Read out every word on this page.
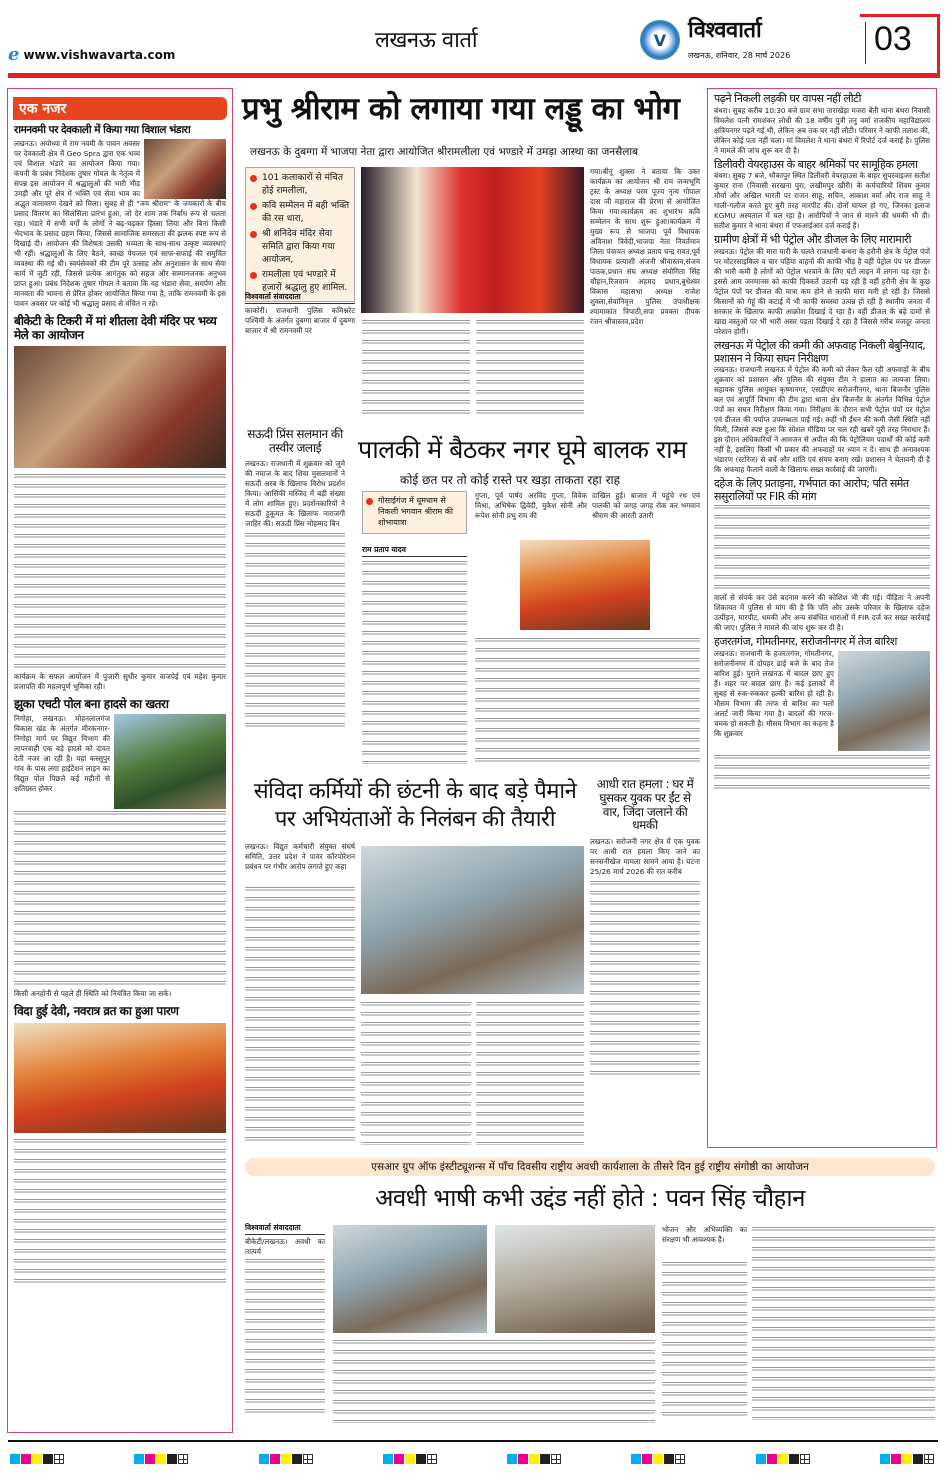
e www.vishwavarta.com
लखनऊ वार्ता	V विश्ववार्ता
लखनऊ, शनिवार, 28 मार्च 2026	03
एक नजर
रामनवमी पर देवकाली में किया गया विशाल भंडारा
लखनऊ। अयोध्या में राम नवमी के पावन अवसर पर देवकाली क्षेत्र में Geo Spra द्वारा एक भव्य एवं विशाल भंडारे का आयोजन किया गया। कंपनी के प्रबंध निदेशक तुषार गोयल के नेतृत्व में संपन्न इस आयोजन में श्रद्धालुओं की भारी भीड़ उमड़ी और पूरे क्षेत्र में भक्ति एवं सेवा भाव का अद्भुत वातावरण देखने को मिला। सुबह से ही "जय श्रीराम" के जयकारों के बीच प्रसाद वितरण का सिलसिला प्रारंभ हुआ, जो देर शाम तक निर्बाध रूप से चलता रहा। भंडारे में सभी वर्गों के लोगों ने बढ़-चढ़कर हिस्सा लिया और बिना किसी भेदभाव के प्रसाद ग्रहण किया, जिससे सामाजिक समरसता की झलक स्पष्ट रूप से दिखाई दी। आयोजन की विशेषता उसकी भव्यता के साथ-साथ उत्कृष्ट व्यवस्थाएं भी रहीं। श्रद्धालुओं के लिए बैठने, स्वच्छ पेयजल एवं साफ-सफाई की समुचित व्यवस्था की गई थी। स्वयंसेवकों की टीम पूरे उत्साह और अनुशासन के साथ सेवा कार्य में जुटी रही, जिससे प्रत्येक आगंतुक को सहज और सम्मानजनक अनुभव प्राप्त हुआ। प्रबंध निदेशक तुषार गोयल ने बताया कि यह भंडारा सेवा, समर्पण और मानवता की भावना से प्रेरित होकर आयोजित किया गया है, ताकि रामनवमी के इस पावन अवसर पर कोई भी श्रद्धालु प्रसाद से वंचित न रहे।
बीकेटी के टिकरी में मां शीतला देवी मंदिर पर भव्य मेले का आयोजन
कार्यक्रम के सफल आयोजन में पुजारी सुधीर कुमार वाजपेई एवं महेश कुमार प्रजापति की महत्वपूर्ण भूमिका रही।
झुका एचटी पोल बना हादसे का खतरा
निगोहा, लखनऊ। मोहनलालगंज विकास खंड के अंतर्गत मीरकनगर-निगोहा मार्ग पर विद्युत विभाग की लापरवाही एक बड़े हादसे को दावत देती नजर आ रही है। यहां कस्सूपुर गांव के पास लगा हाईटेंशन लाइन का विद्युत पोल पिछले कई महीनों से क्षतिग्रस्त होकर
किसी अनहोनी से पहले ही स्थिति को नियंत्रित किया जा सके।
विदा हुई देवी, नवरात्र व्रत का हुआ पारण
प्रभु श्रीराम को लगाया गया लड्डू का भोग
लखनऊ के दुबग्गा में भाजपा नेता द्वारा आयोजित श्रीरामलीला एवं भण्डारे में उमड़ा आस्था का जनसैलाब
101 कलाकारों से मंचित होई रामलीला,
कवि सम्मेलन में बही भक्ति की रस धारा,
श्री शनिदेव मंदिर सेवा समिति द्वारा किया गया आयोजन,
रामलीला एवं भण्डारे में हजारों श्रद्धालु हुए शामिल.
गया।बीनू शुक्ला ने बताया कि उक्त कार्यक्रम का आयोजन श्री राम जन्मभूमि ट्रस्ट के अध्यक्ष परम पूज्य नृत्य गोपाल दास जी महाराज की प्रेरणा से आयोजित किया गया।कार्यक्रम का शुभारंभ कवि सम्मेलन के साथ शुरू हुआ।कार्यक्रम में मुख्य रूप से भाजपा पूर्व विधायक अविनाश त्रिवेदी,भाजपा नेता निवर्तमान जिला पंचायत अध्यक्ष प्रताप चन्द्र रावत,पूर्व विधायक प्रत्याशी अंजनी श्रीवास्तव,संजय पाठक,प्रधान संघ अध्यक्ष संयोगिता सिंह चौहान,रिजवान अहमद प्रधान,बुधेश्वर विकास महासभा अध्यक्ष राजेश शुक्ला,सेवानिवृत्त पुलिस उपाधीक्षक श्यामाकांत त्रिपाठी,सपा प्रवक्ता दीपक रंजन श्रीवास्तव,प्रदेश
विश्ववार्ता संवाददाता
काकोरी। राजधानी पुलिस कमिश्नरेट पश्चिमी के अंतर्गत दुबग्गा बाजार में दुबग्गा बाजार में श्री रामनवमी पर
सऊदी प्रिंस सलमान की तस्वीर जलाई
लखनऊ। राजधानी में शुक्रवार को जुमे की नमाज के बाद शिया मुसलमानों ने सऊदी अरब के खिलाफ विरोध प्रदर्शन किया। आसिफी मस्जिद में बड़ी संख्या में लोग शामिल हुए। प्रदर्शनकारियों ने सऊदी हुकूमत के खिलाफ नाराजगी जाहिर की। सऊदी प्रिंस मोहम्मद बिन
पालकी में बैठकर नगर घूमे बालक राम
कोई छत पर तो कोई रास्ते पर खड़ा ताकता रहा राह
गोसाईगंज में धूमधाम से निकली भगवान श्रीराम की शोभायात्रा
राम प्रताप यादव
गुप्ता, पूर्व पार्षद अरविंद गुप्ता, विवेक मिश्रा, अभिषेक द्विवेदी, मुकेश सोनी और रूपेश सोनी प्रभु राम की
दाखिल हुई। बाजार में पहुंचे रथ एवं पालकी को जगह जगह रोक कर भगवान श्रीराम की आरती उतारी
संविदा कर्मियों की छंटनी के बाद बड़े पैमाने पर अभियंताओं के निलंबन की तैयारी
लखनऊ। विद्युत कर्मचारी संयुक्त संघर्ष समिति, उत्तर प्रदेश ने पावर कॉरपोरेशन प्रबंधन पर गंभीर आरोप लगाते हुए कहा
आधी रात हमला : घर में घुसकर युवक पर ईंट से वार, जिंदा जलाने की धमकी
लखनऊ। सरोजनी नगर क्षेत्र में एक युवक पर आधी रात हमला किए जाने का सनसनीखेज मामला सामने आया है। घटना 25/26 मार्च 2026 की रात करीब
पढ़ने निकली लड़की घर वापस नहीं लौटी
बंथरा। सुबह करीब 10:30 बजे ग्राम सभा ताराखेड़ा मजरा बेंती थाना बंथरा निवासी विमलेश पत्नी रामशंकर लोधी की 18 वर्षीय पुत्री तनु वर्मा राजकीय महाविद्यालय क्षत्रियनगर पढ़ने गई थी, लेकिन अब तक घर नहीं लौटी। परिवार ने काफी तलाश की, लेकिन कोई पता नहीं चला। मां विमलेश ने थाना बंथरा में रिपोर्ट दर्ज कराई है। पुलिस ने मामले की जांच शुरू कर दी है।
डिलीवरी वेयरहाउस के बाहर श्रमिकों पर सामूहिक हमला
बंथरा। सुबह 7 बजे, भौकापुर स्थित डिलीवरी वेयरहाउस के बाहर सुपरवाइजर सतीश कुमार राना (निवासी सरखना पुरा, लखीमपुर खीरी) के कर्मचारियों शिवम कुमार मौर्या और अखिल भारती पर राजन साहू, सचिन, आकाश वर्मा और राज साहू ने गाली-गलौज करते हुए बुरी तरह मारपीट की। दोनों घायल हो गए, जिनका इलाज KGMU अस्पताल में चल रहा है। आरोपियों ने जान से मारने की धमकी भी दी। सतीश कुमार ने थाना बंथरा में एफआईआर दर्ज कराई है।
ग्रामीण क्षेत्रों में भी पेट्रोल और डीजल के लिए मारामारी
लखनऊ। पेट्रोल की मारा मारी के चलते राजधानी बन्थरा के हरौनी क्षेत्र के पेट्रोल पंपों पर मोटरसाइकिल व चार पहिया वाहनों की काफी भीड़ है वहीं पेट्रोल पंप पर डीजल की भारी कमी है लोगों को पेट्रोल भरवाने के लिए घंटों लाइन में लगना पड़ रहा है। इससे आम जनमानस को काफी दिक्कतें उठानी पड़ रही है वहीं हरौनी क्षेत्र के कुछ पेट्रोल पंपों पर डीजल की मात्रा कम होने से काफी मारा मारी हो रही है। जिससे किसानों को गेहूं की कटाई में भी काफी समस्या उत्पन्न हो रही है स्थानीय जनता में सरकार के खिलाफ काफी आक्रोश दिखाई दे रहा है। वहीं डीजल के बढ़े दामों से खाद्य वस्तुओं पर भी भारी असर पड़ता दिखाई दे रहा है जिससे गरीब मजदूर जनता परेशान होगी।
लखनऊ में पेट्रोल की कमी की अफवाह निकली बेबुनियाद, प्रशासन ने किया सघन निरीक्षण
लखनऊ। राजधानी लखनऊ में पेट्रोल की कमी को लेकर फैल रही अफवाहों के बीच शुक्रवार को प्रशासन और पुलिस की संयुक्त टीम ने हालात का जायजा लिया। सहायक पुलिस आयुक्त कृष्णानगर, एसडीएम सरोजनीनगर, थाना बिजनौर पुलिस बल एवं आपूर्ति विभाग की टीम द्वारा थाना क्षेत्र बिजनौर के अंतर्गत विभिन्न पेट्रोल पंपों का सघन निरीक्षण किया गया। निरीक्षण के दौरान सभी पेट्रोल पंपों पर पेट्रोल एवं डीजल की पर्याप्त उपलब्धता पाई गई। कहीं भी ईंधन की कमी जैसी स्थिति नहीं मिली, जिससे स्पष्ट हुआ कि सोशल मीडिया पर चल रही खबरें पूरी तरह निराधार हैं। इस दौरान अधिकारियों ने आमजन से अपील की कि पेट्रोलियम पदार्थों की कोई कमी नहीं है, इसलिए किसी भी प्रकार की अफवाहों पर ध्यान न दें। साथ ही अनावश्यक भंडारण (स्टोरेज) से बचें और शांति एवं संयम बनाए रखें। प्रशासन ने चेतावनी दी है कि अफवाह फैलाने वालों के खिलाफ सख्त कार्रवाई की जाएगी।
दहेज के लिए प्रताड़ना, गर्भपात का आरोप; पति समेत ससुरालियों पर FIR की मांग
वालों से संपर्क कर उसे बदनाम करने की कोशिश भी की गई। पीड़िता ने अपनी शिकायत में पुलिस से मांग की है कि पति और उसके परिवार के खिलाफ दहेज उत्पीड़न, मारपीट, धमकी और अन्य संबंधित धाराओं में FIR दर्ज कर सख्त कार्रवाई की जाए। पुलिस ने मामले की जांच शुरू कर दी है।
हजरतगंज, गोमतीनगर, सरोजनीनगर में तेज बारिश
लखनऊ। राजधानी के हजरतगंज, गोमतीनगर, सरोजनीनगर में दोपहर ढाई बजे के बाद तेज बारिश हुई। पुराने लखनऊ में बादल छाए हुए हैं। शहर पर बादल छाए हैं। कई इलाकों में सुबह से रुक-रुककर हल्की बारिश हो रही है। मौसम विभाग की तरफ से बारिश का यलो अलर्ट जारी किया गया है। बादलों की गरज-चमक हो सकती है। मौसम विभाग का कहना है कि शुक्रवार
एसआर ग्रुप ऑफ इंस्टीट्यूशन्स में पाँच दिवसीय राष्ट्रीय अवधी कार्यशाला के तीसरे दिन हुई राष्ट्रीय संगोष्ठी का आयोजन
अवधी भाषी कभी उद्दंड नहीं होते : पवन सिंह चौहान
विश्ववार्ता संवाददाता
बीकेटी/लखनऊ। अवधी का तात्पर्य
भोजन और अभिव्यक्ति का संरक्षण भी आवश्यक है।
